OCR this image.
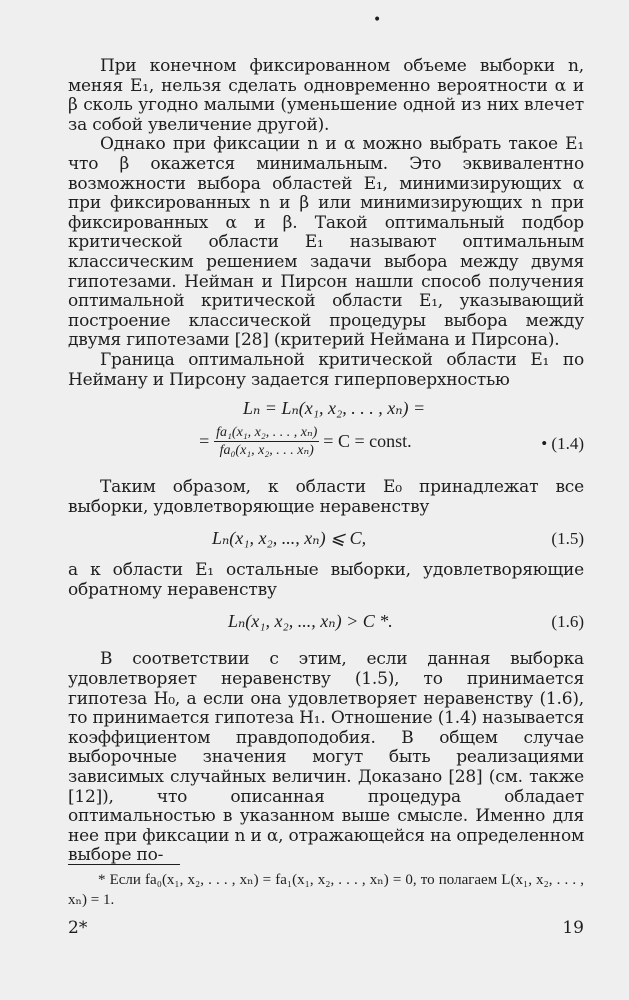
•

При конечном фиксированном объеме выборки n, меняя E₁, нельзя сделать одновременно вероятности α и β сколь угодно малыми (уменьшение одной из них влечет за собой увеличение другой).

Однако при фиксации n и α можно выбрать такое E₁ что β окажется минимальным. Это эквивалентно возможности выбора областей E₁, минимизирующих α при фиксированных n и β или минимизирующих n при фиксированных α и β. Такой оптимальный подбор критической области E₁ называют оптимальным классическим решением задачи выбора между двумя гипотезами. Нейман и Пирсон нашли способ получения оптимальной критической области E₁, указывающий построение классической процедуры выбора между двумя гипотезами [28] (критерий Неймана и Пирсона).

Граница оптимальной критической области E₁ по Нейману и Пирсону задается гиперповерхностью

Lₙ = Lₙ(x₁, x₂, . . . , xₙ) =
= $\frac{\text{fa₁(x₁, x₂, . . . , xₙ)}}{\text{fa₀(x₁, x₂, . . . xₙ)}} = C$ = const.	• (1.4)

Таким образом, к области E₀ принадлежат все выборки, удовлетворяющие неравенству

Lₙ(x₁, x₂, ..., xₙ) ⩽ C,	(1.5)

а к области E₁ остальные выборки, удовлетворяющие обратному неравенству

Lₙ(x₁, x₂, ..., xₙ) > C *.	(1.6)

В соответствии с этим, если данная выборка удовлетворяет неравенству (1.5), то принимается гипотеза H₀, а если она удовлетворяет неравенству (1.6), то принимается гипотеза H₁. Отношение (1.4) называется коэффициентом правдоподобия. В общем случае выборочные значения могут быть реализациями зависимых случайных величин. Доказано [28] (см. также [12]), что описанная процедура обладает оптимальностью в указанном выше смысле. Именно для нее при фиксации n и α, отражающейся на определенном выборе по-

* Если fa₀(x₁, x₂, . . . , xₙ) = fa₁(x₁, x₂, . . . , xₙ) = 0, то полагаем L(x₁, x₂, . . . , xₙ) = 1.
2*	19
